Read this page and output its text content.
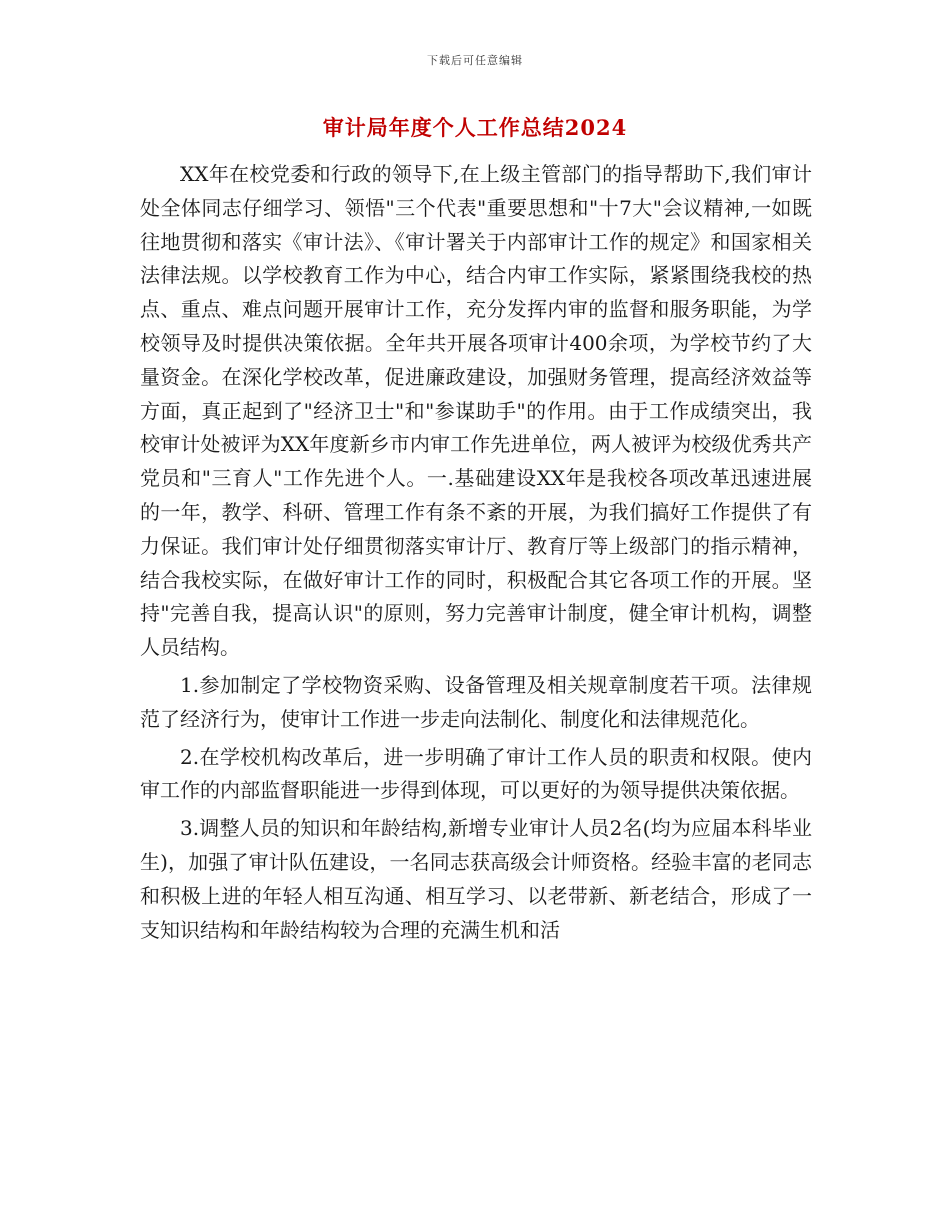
下载后可任意编辑
审计局年度个人工作总结2024

XX年在校党委和行政的领导下,在上级主管部门的指导帮助下,我们审计处全体同志仔细学习、领悟"三个代表"重要思想和"十7大"会议精神,一如既往地贯彻和落实《审计法》、《审计署关于内部审计工作的规定》和国家相关法律法规。以学校教育工作为中心，结合内审工作实际，紧紧围绕我校的热点、重点、难点问题开展审计工作，充分发挥内审的监督和服务职能，为学校领导及时提供决策依据。全年共开展各项审计400余项，为学校节约了大量资金。在深化学校改革，促进廉政建设，加强财务管理，提高经济效益等方面，真正起到了"经济卫士"和"参谋助手"的作用。由于工作成绩突出，我校审计处被评为XX年度新乡市内审工作先进单位，两人被评为校级优秀共产党员和"三育人"工作先进个人。一.基础建设XX年是我校各项改革迅速进展的一年，教学、科研、管理工作有条不紊的开展，为我们搞好工作提供了有力保证。我们审计处仔细贯彻落实审计厅、教育厅等上级部门的指示精神，结合我校实际，在做好审计工作的同时，积极配合其它各项工作的开展。坚持"完善自我，提高认识"的原则，努力完善审计制度，健全审计机构，调整人员结构。

1.参加制定了学校物资采购、设备管理及相关规章制度若干项。法律规范了经济行为，使审计工作进一步走向法制化、制度化和法律规范化。

2.在学校机构改革后，进一步明确了审计工作人员的职责和权限。使内审工作的内部监督职能进一步得到体现，可以更好的为领导提供决策依据。

3.调整人员的知识和年龄结构,新增专业审计人员2名(均为应届本科毕业生)，加强了审计队伍建设，一名同志获高级会计师资格。经验丰富的老同志和积极上进的年轻人相互沟通、相互学习、以老带新、新老结合，形成了一支知识结构和年龄结构较为合理的充满生机和活
